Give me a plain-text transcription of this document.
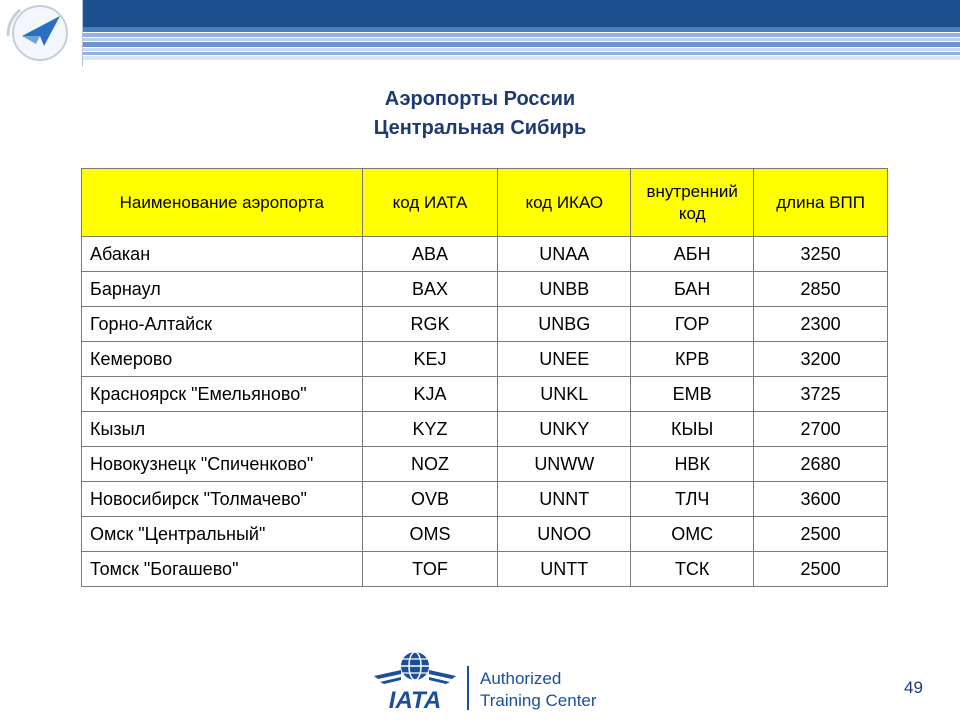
Аэропорты России
Центральная Сибирь
Наименование аэропорта	код ИАТА	код ИКАО	внутренний код	длина ВПП
Абакан	ABA	UNAA	АБН	3250
Барнаул	BAX	UNBB	БАН	2850
Горно-Алтайск	RGK	UNBG	ГОР	2300
Кемерово	KEJ	UNEE	КРВ	3200
Красноярск "Емельяново"	KJA	UNKL	EMB	3725
Кызыл	KYZ	UNKY	КЫЫ	2700
Новокузнецк "Спиченково"	NOZ	UNWW	НВК	2680
Новосибирск "Толмачево"	OVB	UNNT	ТЛЧ	3600
Омск "Центральный"	OMS	UNOO	ОМС	2500
Томск "Богашево"	TOF	UNTT	ТСК	2500
IATA
Authorized
Training Center
49
